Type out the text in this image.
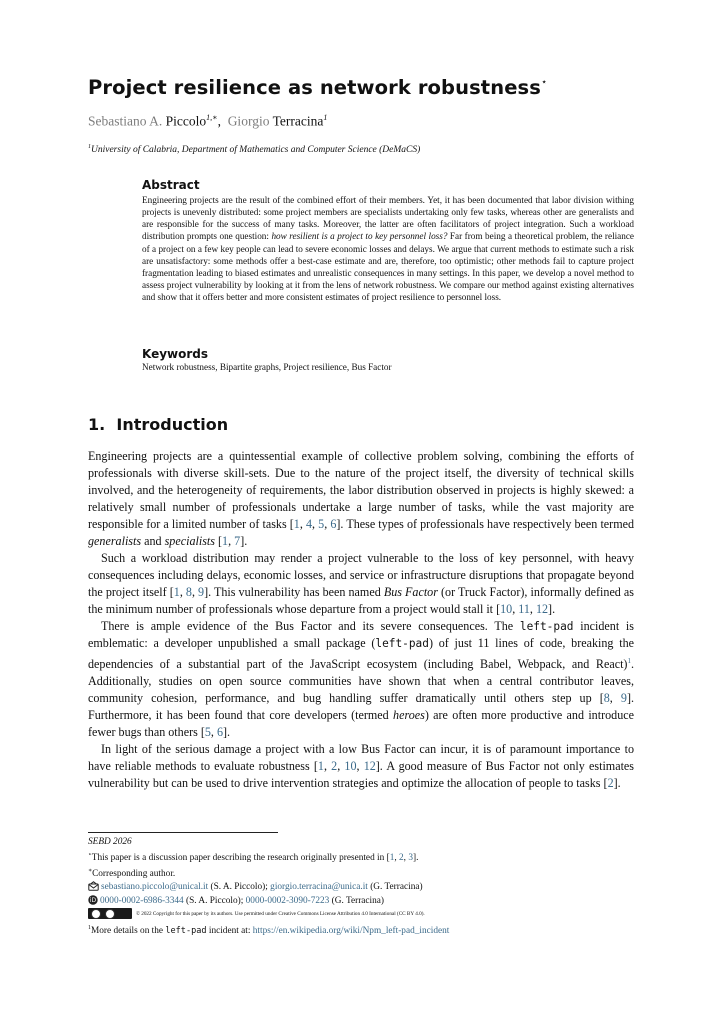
Project resilience as network robustness⋆

Sebastiano A. Piccolo$^{1,∗}$, Giorgio Terracina$^1$

$^1$University of Calabria, Department of Mathematics and Computer Science (DeMaCS)

Abstract

Engineering projects are the result of the combined effort of their members. Yet, it has been documented that labor division withing projects is unevenly distributed: some project members are specialists undertaking only few tasks, whereas other are generalists and are responsible for the success of many tasks. Moreover, the latter are often facilitators of project integration. Such a workload distribution prompts one question: how resilient is a project to key personnel loss? Far from being a theoretical problem, the reliance of a project on a few key people can lead to severe economic losses and delays. We argue that current methods to estimate such a risk are unsatisfactory: some methods offer a best-case estimate and are, therefore, too optimistic; other methods fail to capture project fragmentation leading to biased estimates and unrealistic consequences in many settings. In this paper, we develop a novel method to assess project vulnerability by looking at it from the lens of network robustness. We compare our method against existing alternatives and show that it offers better and more consistent estimates of project resilience to personnel loss.

Keywords

Network robustness, Bipartite graphs, Project resilience, Bus Factor

1. Introduction

Engineering projects are a quintessential example of collective problem solving, combining the efforts of professionals with diverse skill-sets. Due to the nature of the project itself, the diversity of technical skills involved, and the heterogeneity of requirements, the labor distribution observed in projects is highly skewed: a relatively small number of professionals undertake a large number of tasks, while the vast majority are responsible for a limited number of tasks [1, 4, 5, 6]. These types of professionals have respectively been termed generalists and specialists [1, 7].

Such a workload distribution may render a project vulnerable to the loss of key personnel, with heavy consequences including delays, economic losses, and service or infrastructure disruptions that propagate beyond the project itself [1, 8, 9]. This vulnerability has been named Bus Factor (or Truck Factor), informally defined as the minimum number of professionals whose departure from a project would stall it [10, 11, 12].

There is ample evidence of the Bus Factor and its severe consequences. The left-pad incident is emblematic: a developer unpublished a small package (left-pad) of just 11 lines of code, breaking the dependencies of a substantial part of the JavaScript ecosystem (including Babel, Webpack, and React)$^1$. Additionally, studies on open source communities have shown that when a central contributor leaves, community cohesion, performance, and bug handling suffer dramatically until others step up [8, 9]. Furthermore, it has been found that core developers (termed heroes) are often more productive and introduce fewer bugs than others [5, 6].

In light of the serious damage a project with a low Bus Factor can incur, it is of paramount importance to have reliable methods to evaluate robustness [1, 2, 10, 12]. A good measure of Bus Factor not only estimates vulnerability but can be used to drive intervention strategies and optimize the allocation of people to tasks [2].

SEBD 2026
⋆This paper is a discussion paper describing the research originally presented in [1, 2, 3].
∗Corresponding author.
sebastiano.piccolo@unical.it (S. A. Piccolo); giorgio.terracina@unica.it (G. Terracina)
iD 0000-0002-6986-3344 (S. A. Piccolo); 0000-0002-3090-7223 (G. Terracina)
$^{© 2022 Copyright for this paper by its authors. Use permitted under Creative Commons License Attribution 4.0 International (CC BY 4.0).}$
$^1$More details on the left-pad incident at: https://en.wikipedia.org/wiki/Npm_left-pad_incident
